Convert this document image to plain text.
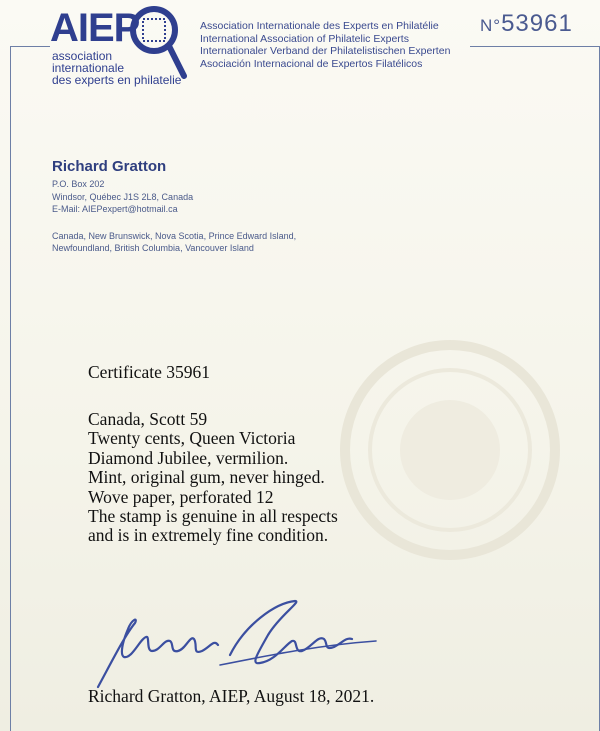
AIEP
association
internationale
des experts en philatelie
Association Internationale des Experts en Philatélie
International Association of Philatelic Experts
Internationaler Verband der Philatelistischen Experten
Asociación Internacional de Expertos Filatélicos
N°53961
Richard Gratton
P.O. Box 202
Windsor, Québec J1S 2L8, Canada
E-Mail: AIEPexpert@hotmail.ca
Canada, New Brunswick, Nova Scotia, Prince Edward Island,
Newfoundland, British Columbia, Vancouver Island
Certificate 35961
Canada, Scott 59
Twenty cents, Queen Victoria
Diamond Jubilee, vermilion.
Mint, original gum, never hinged.
Wove paper, perforated 12
The stamp is genuine in all respects
and is in extremely fine condition.
Richard Gratton, AIEP, August 18, 2021.
